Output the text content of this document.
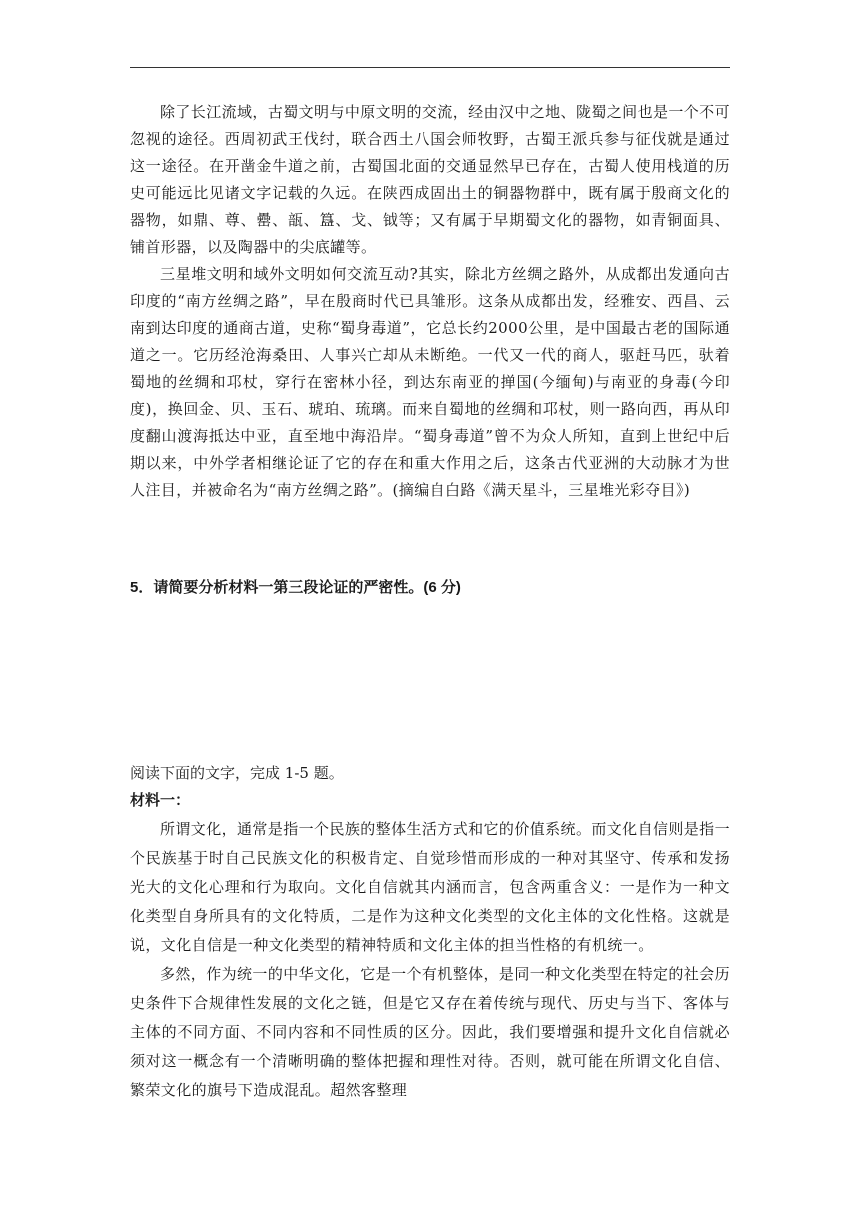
除了长江流域，古蜀文明与中原文明的交流，经由汉中之地、陇蜀之间也是一个不可忽视的途径。西周初武王伐纣，联合西土八国会师牧野，古蜀王派兵参与征伐就是通过这一途径。在开凿金牛道之前，古蜀国北面的交通显然早已存在，古蜀人使用栈道的历史可能远比见诸文字记载的久远。在陕西成固出土的铜器物群中，既有属于殷商文化的器物，如鼎、尊、罍、瓿、簋、戈、钺等；又有属于早期蜀文化的器物，如青铜面具、铺首形器，以及陶器中的尖底罐等。

三星堆文明和域外文明如何交流互动?其实，除北方丝绸之路外，从成都出发通向古印度的“南方丝绸之路”，早在殷商时代已具雏形。这条从成都出发，经雅安、西昌、云南到达印度的通商古道，史称“蜀身毒道”，它总长约2000公里，是中国最古老的国际通道之一。它历经沧海桑田、人事兴亡却从未断绝。一代又一代的商人，驱赶马匹，驮着蜀地的丝绸和邛杖，穿行在密林小径，到达东南亚的掸国(今缅甸)与南亚的身毒(今印度)，换回金、贝、玉石、琥珀、琉璃。而来自蜀地的丝绸和邛杖，则一路向西，再从印度翻山渡海抵达中亚，直至地中海沿岸。“蜀身毒道”曾不为众人所知，直到上世纪中后期以来，中外学者相继论证了它的存在和重大作用之后，这条古代亚洲的大动脉才为世人注目，并被命名为“南方丝绸之路”。(摘编自白路《满天星斗，三星堆光彩夺目》)

5．请简要分析材料一第三段论证的严密性。(6 分)

阅读下面的文字，完成 1-5 题。

材料一：

所谓文化，通常是指一个民族的整体生活方式和它的价值系统。而文化自信则是指一个民族基于时自己民族文化的积极肯定、自觉珍惜而形成的一种对其坚守、传承和发扬光大的文化心理和行为取向。文化自信就其内涵而言，包含两重含义：一是作为一种文化类型自身所具有的文化特质，二是作为这种文化类型的文化主体的文化性格。这就是说，文化自信是一种文化类型的精神特质和文化主体的担当性格的有机统一。

多然，作为统一的中华文化，它是一个有机整体，是同一种文化类型在特定的社会历史条件下合规律性发展的文化之链，但是它又存在着传统与现代、历史与当下、客体与主体的不同方面、不同内容和不同性质的区分。因此，我们要增强和提升文化自信就必须对这一概念有一个清晰明确的整体把握和理性对待。否则，就可能在所谓文化自信、繁荣文化的旗号下造成混乱。超然客整理
